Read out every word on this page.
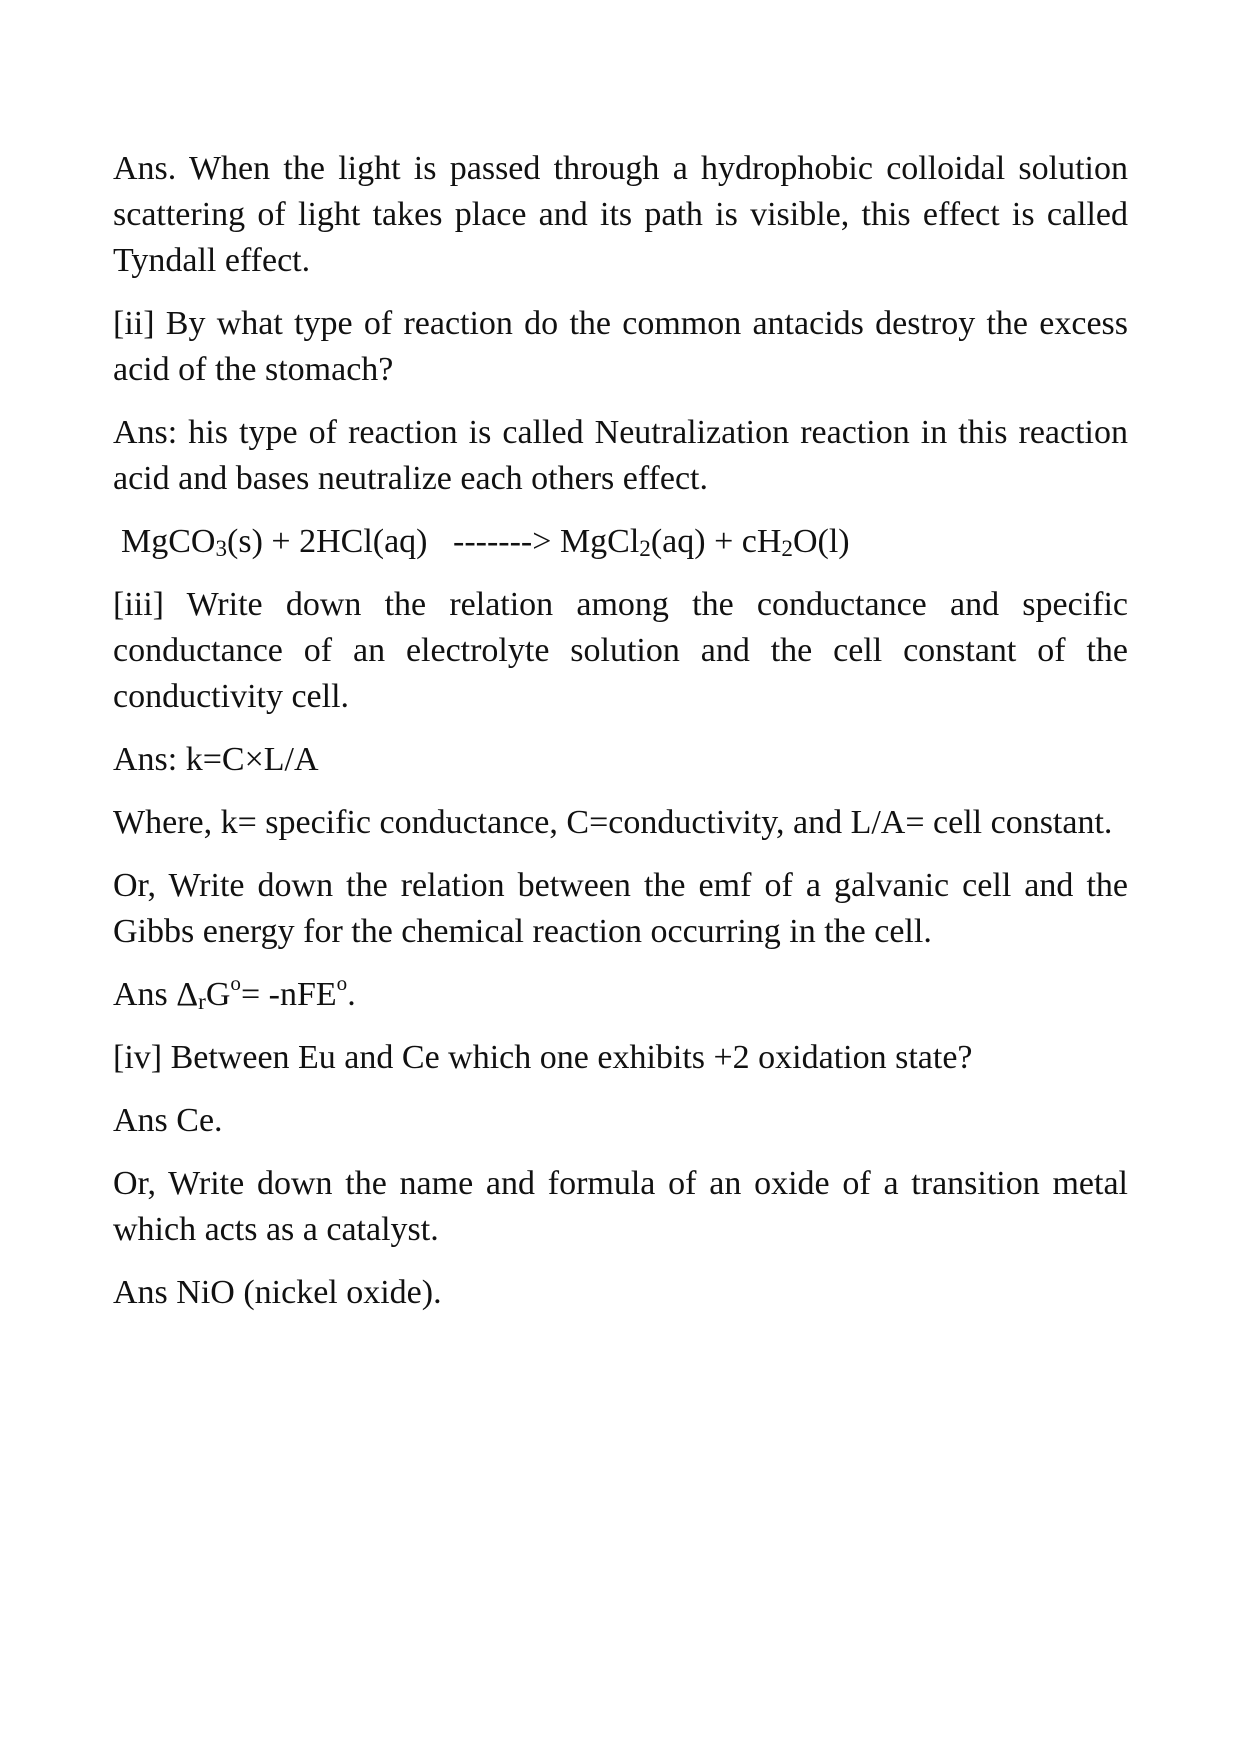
Ans. When the light is passed through a hydrophobic colloidal solution scattering of light takes place and its path is visible, this effect is called Tyndall effect.

[ii] By what type of reaction do the common antacids destroy the excess acid of the stomach?

Ans: his type of reaction is called Neutralization reaction in this reaction acid and bases neutralize each others effect.

MgCO$_3$(s) + 2HCl(aq)   -------> MgCl$_2$(aq) + $cH_2O(l)$

[iii] Write down the relation among the conductance and specific conductance of an electrolyte solution and the cell constant of the conductivity cell.

Ans: k=C×L/A

Where, k= specific conductance, C=conductivity, and L/A= cell constant.

Or, Write down the relation between the emf of a galvanic cell and the Gibbs energy for the chemical reaction occurring in the cell.

Ans $\Delta_rG^o= -nFE^o$.

[iv] Between Eu and Ce which one exhibits +2 oxidation state?

Ans Ce.

Or, Write down the name and formula of an oxide of a transition metal which acts as a catalyst.

Ans NiO (nickel oxide).
